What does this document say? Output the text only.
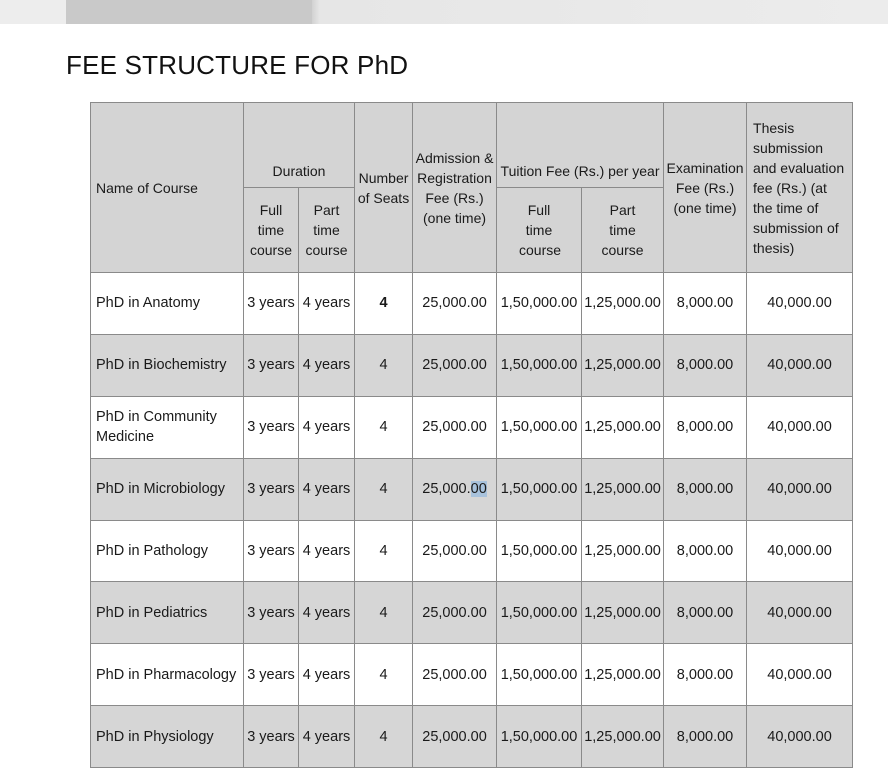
FEE STRUCTURE FOR PhD
Name of Course	Duration		Number of Seats	Admission & Registration Fee (Rs.) (one time)	Tuition Fee (Rs.) per year		Examination Fee (Rs.) (one time)	Thesis submission and evaluation fee (Rs.) (at the time of submission of thesis)
	Full time course	Part time course			Full time course	Part time course		
PhD in Anatomy	3 years	4 years	4	25,000.00	1,50,000.00	1,25,000.00	8,000.00	40,000.00
PhD in Biochemistry	3 years	4 years	4	25,000.00	1,50,000.00	1,25,000.00	8,000.00	40,000.00
PhD in Community Medicine	3 years	4 years	4	25,000.00	1,50,000.00	1,25,000.00	8,000.00	40,000.00
PhD in Microbiology	3 years	4 years	4	25,000.00	1,50,000.00	1,25,000.00	8,000.00	40,000.00
PhD in Pathology	3 years	4 years	4	25,000.00	1,50,000.00	1,25,000.00	8,000.00	40,000.00
PhD in Pediatrics	3 years	4 years	4	25,000.00	1,50,000.00	1,25,000.00	8,000.00	40,000.00
PhD in Pharmacology	3 years	4 years	4	25,000.00	1,50,000.00	1,25,000.00	8,000.00	40,000.00
PhD in Physiology	3 years	4 years	4	25,000.00	1,50,000.00	1,25,000.00	8,000.00	40,000.00
